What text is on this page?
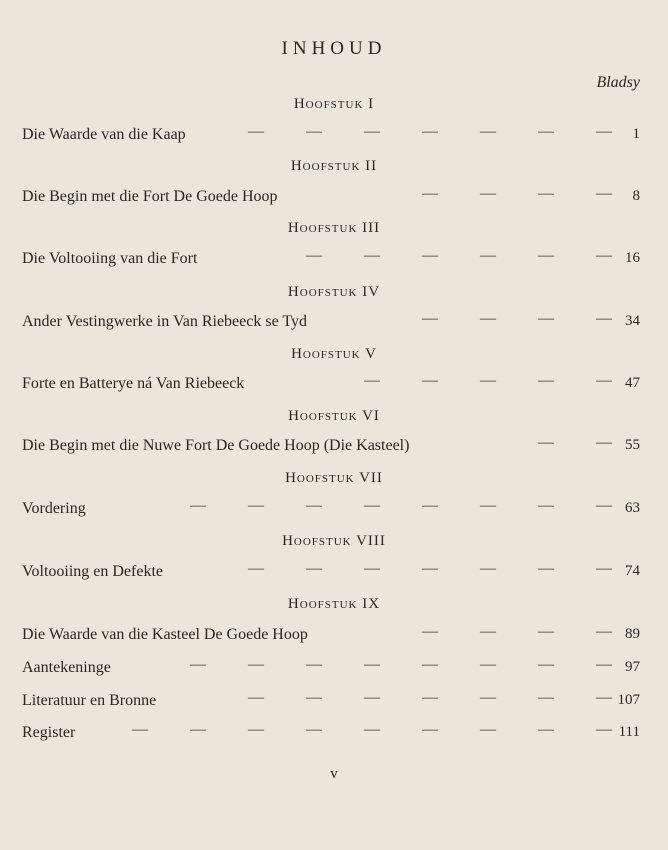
INHOUD
Bladsy
Hoofstuk I
Die Waarde van die Kaap	—	—	—	—	—	—	— 1
Hoofstuk II
Die Begin met die Fort De Goede Hoop	—	—	—	— 8
Hoofstuk III
Die Voltooiing van die Fort	—	—	—	—	—	— 16
Hoofstuk IV
Ander Vestingwerke in Van Riebeeck se Tyd	—	—	—	— 34
Hoofstuk V
Forte en Batterye ná Van Riebeeck	—	—	—	—	— 47
Hoofstuk VI
Die Begin met die Nuwe Fort De Goede Hoop (Die Kasteel)	—	— 55
Hoofstuk VII
Vordering	—	—	—	—	—	—	—	— 63
Hoofstuk VIII
Voltooiing en Defekte	—	—	—	—	—	—	— 74
Hoofstuk IX
Die Waarde van die Kasteel De Goede Hoop	—	—	—	— 89
Aantekeninge	—	—	—	—	—	—	—	— 97
Literatuur en Bronne	—	—	—	—	—	—	— 107
Register	—	—	—	—	—	—	—	—	— 111
v
